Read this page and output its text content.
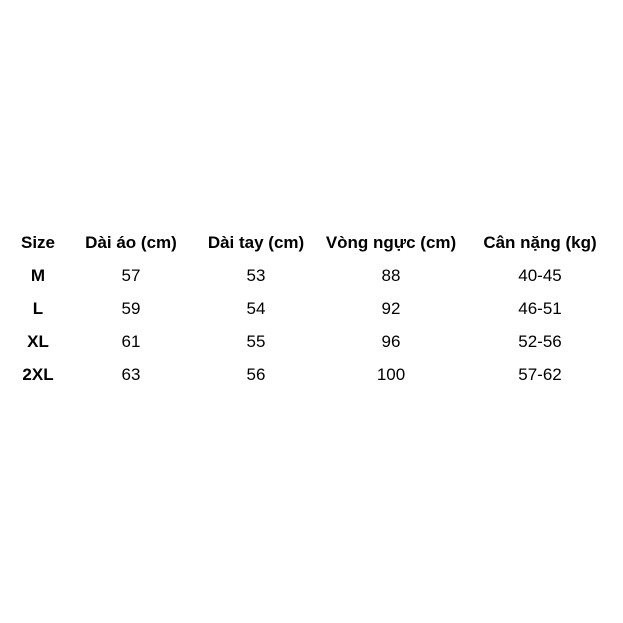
Size	Dài áo (cm)	Dài tay (cm)	Vòng ngực (cm)	Cân nặng (kg)
M	57	53	88	40-45
L	59	54	92	46-51
XL	61	55	96	52-56
2XL	63	56	100	57-62
